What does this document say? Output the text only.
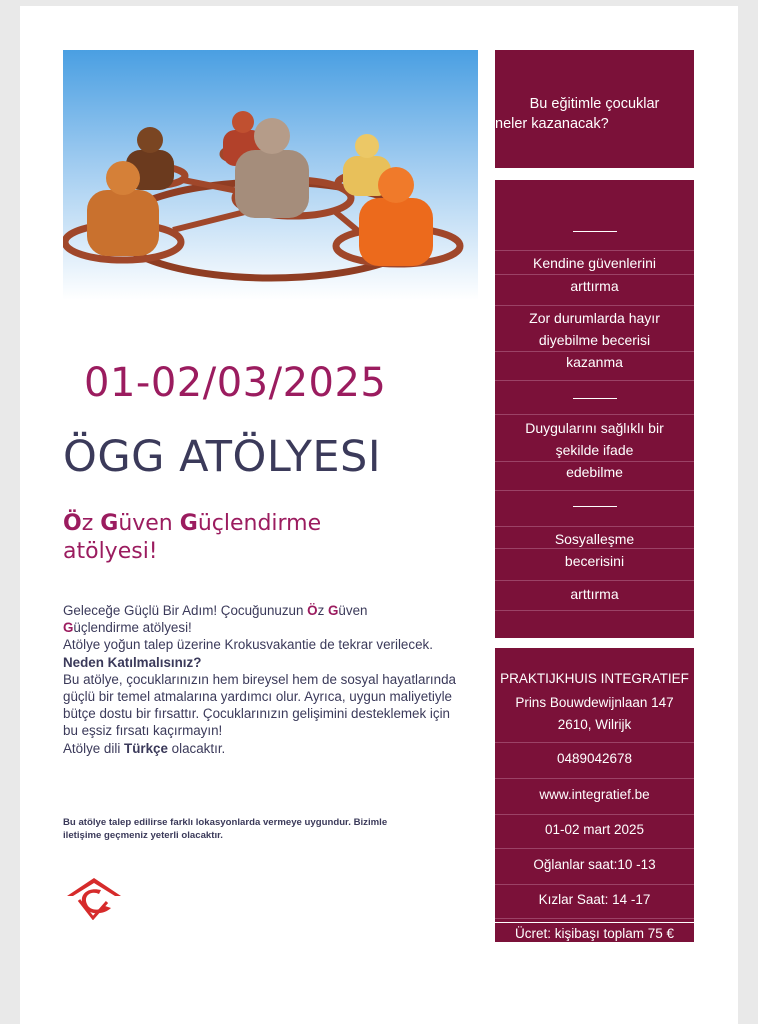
01-02/03/2025
ÖGG ATÖLYESI
Öz Güven Güçlendirme
atölyesi!
Geleceğe Güçlü Bir Adım! Çocuğunuzun Öz Güven
Güçlendirme atölyesi!
Atölye yoğun talep üzerine Krokusvakantie de tekrar verilecek.
Neden Katılmalısınız?
Bu atölye, çocuklarınızın hem bireysel hem de sosyal hayatlarında güçlü bir temel atmalarına yardımcı olur. Ayrıca, uygun maliyetiyle bütçe dostu bir fırsattır. Çocuklarınızın gelişimini desteklemek için bu eşsiz fırsatı kaçırmayın!
Atölye dili Türkçe olacaktır.
Bu atölye talep edilirse farklı lokasyonlarda vermeye uygundur. Bizimle iletişime geçmeniz yeterli olacaktır.
Bu eğitimle çocuklar
neler kazanacak?
Kendine güvenlerini
arttırma
Zor durumlarda hayır
diyebilme becerisi
kazanma
Duygularını sağlıklı bir
şekilde ifade
edebilme
Sosyalleşme
becerisini
arttırma
PRAKTIJKHUIS INTEGRATIEF
Prins Bouwdewijnlaan 147
2610, Wilrijk
0489042678
www.integratief.be
01-02 mart 2025
Oğlanlar saat:10 -13
Kızlar Saat: 14 -17
Ücret: kişibaşı toplam 75 €
